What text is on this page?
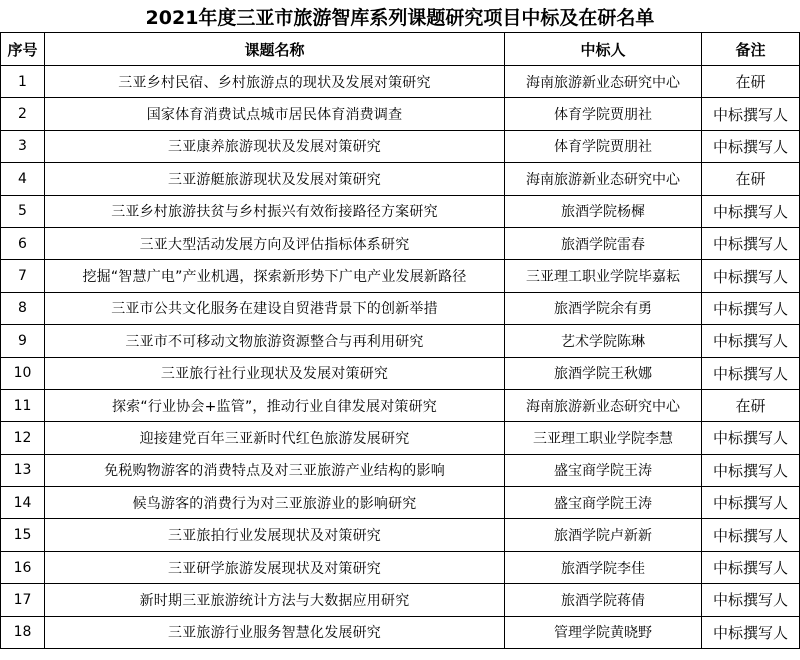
2021年度三亚市旅游智库系列课题研究项目中标及在研名单
序号	课题名称	中标人	备注
1	三亚乡村民宿、乡村旅游点的现状及发展对策研究	海南旅游新业态研究中心	在研
2	国家体育消费试点城市居民体育消费调查	体育学院贾朋社	中标撰写人
3	三亚康养旅游现状及发展对策研究	体育学院贾朋社	中标撰写人
4	三亚游艇旅游现状及发展对策研究	海南旅游新业态研究中心	在研
5	三亚乡村旅游扶贫与乡村振兴有效衔接路径方案研究	旅酒学院杨樨	中标撰写人
6	三亚大型活动发展方向及评估指标体系研究	旅酒学院雷春	中标撰写人
7	挖掘“智慧广电”产业机遇，探索新形势下广电产业发展新路径	三亚理工职业学院毕嘉耘	中标撰写人
8	三亚市公共文化服务在建设自贸港背景下的创新举措	旅酒学院余有勇	中标撰写人
9	三亚市不可移动文物旅游资源整合与再利用研究	艺术学院陈琳	中标撰写人
10	三亚旅行社行业现状及发展对策研究	旅酒学院王秋娜	中标撰写人
11	探索“行业协会+监管”，推动行业自律发展对策研究	海南旅游新业态研究中心	在研
12	迎接建党百年三亚新时代红色旅游发展研究	三亚理工职业学院李慧	中标撰写人
13	免税购物游客的消费特点及对三亚旅游产业结构的影响	盛宝商学院王涛	中标撰写人
14	候鸟游客的消费行为对三亚旅游业的影响研究	盛宝商学院王涛	中标撰写人
15	三亚旅拍行业发展现状及对策研究	旅酒学院卢新新	中标撰写人
16	三亚研学旅游发展现状及对策研究	旅酒学院李佳	中标撰写人
17	新时期三亚旅游统计方法与大数据应用研究	旅酒学院蒋倩	中标撰写人
18	三亚旅游行业服务智慧化发展研究	管理学院黄晓野	中标撰写人
